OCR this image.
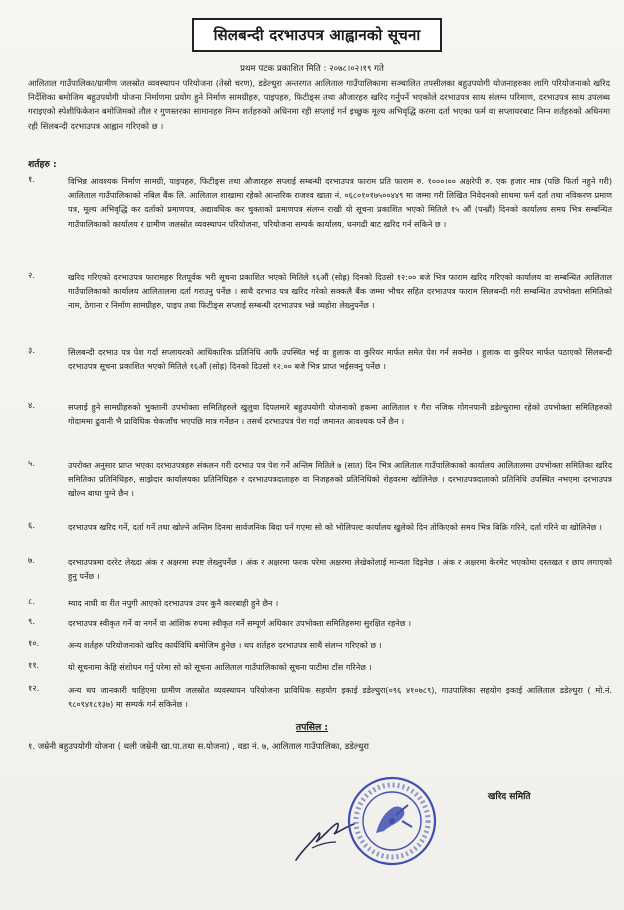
सिलबन्दी दरभाउपत्र आह्वानको सूचना
प्रथम पटक प्रकाशित मिति : २०७८।०२।१९ गते
आलिताल गाउँपालिका/ग्रामीण जलस्रोत व्यवस्थापन परियोजना (तेस्रो चरण), डडेल्धुरा अन्तरगत आलिताल गाउँपालिकामा सञ्चालित तपसीलका बहुउपयोगी योजनाहरुका लागि परियोजनाको खरिद निर्देशिका बमोजिम बहुउपयोगी योजना निर्माणमा प्रयोग हुने निर्माण सामग्रीहरु, पाइपहरु, फिटीङ्स तथा औजारहरु खरिद गर्नुपर्ने भएकोले दरभाउपत्र साथ संलग्न परिमाण, दरभाउपत्र साथ उपलब्ध गराइएको स्पेशीफिकेशन बमोजिमको तौल र गुणस्तरका सामानहरु निम्न शर्तहरुको अधिनमा रही सप्लाई गर्न इच्छुक मूल्य अभिवृद्धि करमा दर्ता भएका फर्म वा सप्लायरबाट निम्न शर्तहरुको अधिनमा रही सिलबन्दी दरभाउपत्र आह्वान गरिएको छ ।
शर्तहरु :
१.	विभिन्न आवश्यक निर्माण सामग्री, पाइपहरु, फिटीङ्स तथा औजारहरु सप्लाई सम्बन्धी दरभाउपत्र फाराम प्रति फाराम रु. १०००।०० अक्षरेपी रु. एक हजार मात्र (पछि फिर्ता नहुने गरी) आलिताल गाउँपालिकाको नबिल बैंक लि. आलिताल शाखामा रहेको आन्तरिक राजश्व खाता नं. ०६८०१०१७५००४४९ मा जम्मा गरी लिखित निवेदनको साथमा फर्म दर्ता तथा नविकरण प्रमाण पत्र, मूल्य अभिवृद्धि कर दर्ताको प्रमाणपत्र, अद्यावधिक कर चुक्ताको प्रमाणपत्र संलग्न राखी यो सूचना प्रकाशित भएको मितिले १५ औं (पन्ध्रौं) दिनको कार्यालय समय भित्र सम्बन्धित गाउँपालिकाको कार्यालय र ग्रामीण जलस्रोत व्यवस्थापन परियोजना, परियोजना सम्पर्क कार्यालय, धनगढी बाट खरिद गर्न सकिने छ ।
२.	खरिद गरिएको दरभाउपत्र फारामहरु रितपूर्वक भरी सूचना प्रकाशित भएको मितिले १६औं (सोह्र) दिनको दिउसो १२:०० बजे भित्र फाराम खरिद गरिएको कार्यालय वा सम्बन्धित आलिताल गाउँपालिकाको कार्यालय आलितालमा दर्ता गराउनु पर्नेछ । साथै दरभाउ पत्र खरिद गरेको सक्कलै बैंक जम्मा भौचर सहित दरभाउपत्र फाराम सिलबन्दी गरी सम्बन्धित उपभोक्ता समितिको नाम, ठेगाना र निर्माण सामग्रीहरु, पाइप तथा फिटीङ्स सप्लाई सम्बन्धी दरभाउपत्र भन्ने व्यहोरा लेख्नुपर्नेछ ।
३.	सिलबन्दी दरभाउ पत्र पेश गर्दा सप्लायरको आधिकारिक प्रतिनिधि आफैं उपस्थित भई वा हुलाक वा कुरियर मार्फत समेत पेश गर्न सक्नेछ । हुलाक वा कुरियर मार्फत पठाएको सिलबन्दी दरभाउपत्र सूचना प्रकाशित भएको मितिले १६औं (सोह्र) दिनको दिउसो १२.०० बजे भित्र प्राप्त भईसक्नु पर्नेछ ।
४.	सप्लाई हुने सामग्रीहरुको भुक्तानी उपभोक्ता समितिहरुले खुलुवा दिपलमारे बहुउपयोगी योजनाको हकमा आलिताल १ गैरा नजिक गोगनपानी डडेल्धुरामा रहेको उपभोक्ता समितिहरुको गोदाममा ढुवानी भै प्राविधिक चेकजाँच भएपछि मात्र गर्नेछन । तसर्थ दरभाउपत्र पेश गर्दा जमानत आवश्यक पर्ने छैन ।
५.	उपरोक्त अनुसार प्राप्त भएका दरभाउपत्रहरु संकलन गरी दरभाउ पत्र पेश गर्ने अन्तिम मितिले ७ (सात) दिन भित्र आलिताल गाउँपालिकाको कार्यालय आलितालमा उपभोक्ता समितिका खरिद समितिका प्रतिनिधिहरु, साझेदार कार्यालयका प्रतिनिधिहरु र दरभाउपत्रदाताहरु वा निजहरुको प्रतिनिधिको रोहवरमा खोलिनेछ । दरभाउपत्रदाताको प्रतिनिधि उपस्थित नभएमा दरभाउपत्र खोल्न बाधा पुग्ने छैन ।
६.	दरभाउपत्र खरिद गर्ने, दर्ता गर्ने तथा खोल्ने अन्तिम दिनमा सार्वजनिक बिदा पर्न गएमा सो को भोलिपल्ट कार्यालय खुलेको दिन तोकिएको समय भित्र बिक्रि गरिने, दर्ता गरिने वा खोलिनेछ ।
७.	दरभाउपत्रमा दररेट लेख्दा अंक र अक्षरमा स्पष्ट लेख्नुपर्नेछ । अंक र अक्षरमा फरक परेमा अक्षरमा लेखेकोलाई मान्यता दिइनेछ । अंक र अक्षरमा केरमेट भएकोमा दस्तखत र छाप लगाएको हुनु पर्नेछ ।
८.	म्याद नाघी वा रीत नपुगी आएको दरभाउपत्र उपर कुनै कारबाही हुने छैन ।
९.	दरभाउपत्र स्वीकृत गर्ने वा नगर्ने वा आंशिक रुपमा स्वीकृत गर्ने सम्पूर्ण अधिकार उपभोक्ता समितिहरुमा सुरक्षित रहनेछ ।
१०.	अन्य शर्तहरु परियोजनाको खरिद कार्यविधि बमोजिम हुनेछ । थप शर्तहरु दरभाउपत्र साथै संलग्न गरिएको छ ।
११.	यो सूचनामा केहि संशोधन गर्नु परेमा सो को सूचना आलिताल गाउँपालिकाको सूचना पाटीमा टाँस गरिनेछ ।
१२.	अन्य थप जानकारी चाहिएमा ग्रामीण जलस्रोत व्यवस्थापन परियोजना प्राविधिक सहयोग इकाई डडेल्धुरा(०९६ ४१०७८९), गाउपालिका सहयोग इकाई आलिताल डडेल्धुरा ( मो.नं. ९८०९४१८१३७) मा सम्पर्क गर्न सकिनेछ ।
तपसिल :
१. जम्रेनी बहुउपयोगी योजना ( थली जम्रेनी खा.पा.तथा स.योजना) , वडा नं. ७, आलिताल गाउँपालिका, डडेल्धुरा
खरिद समिति
